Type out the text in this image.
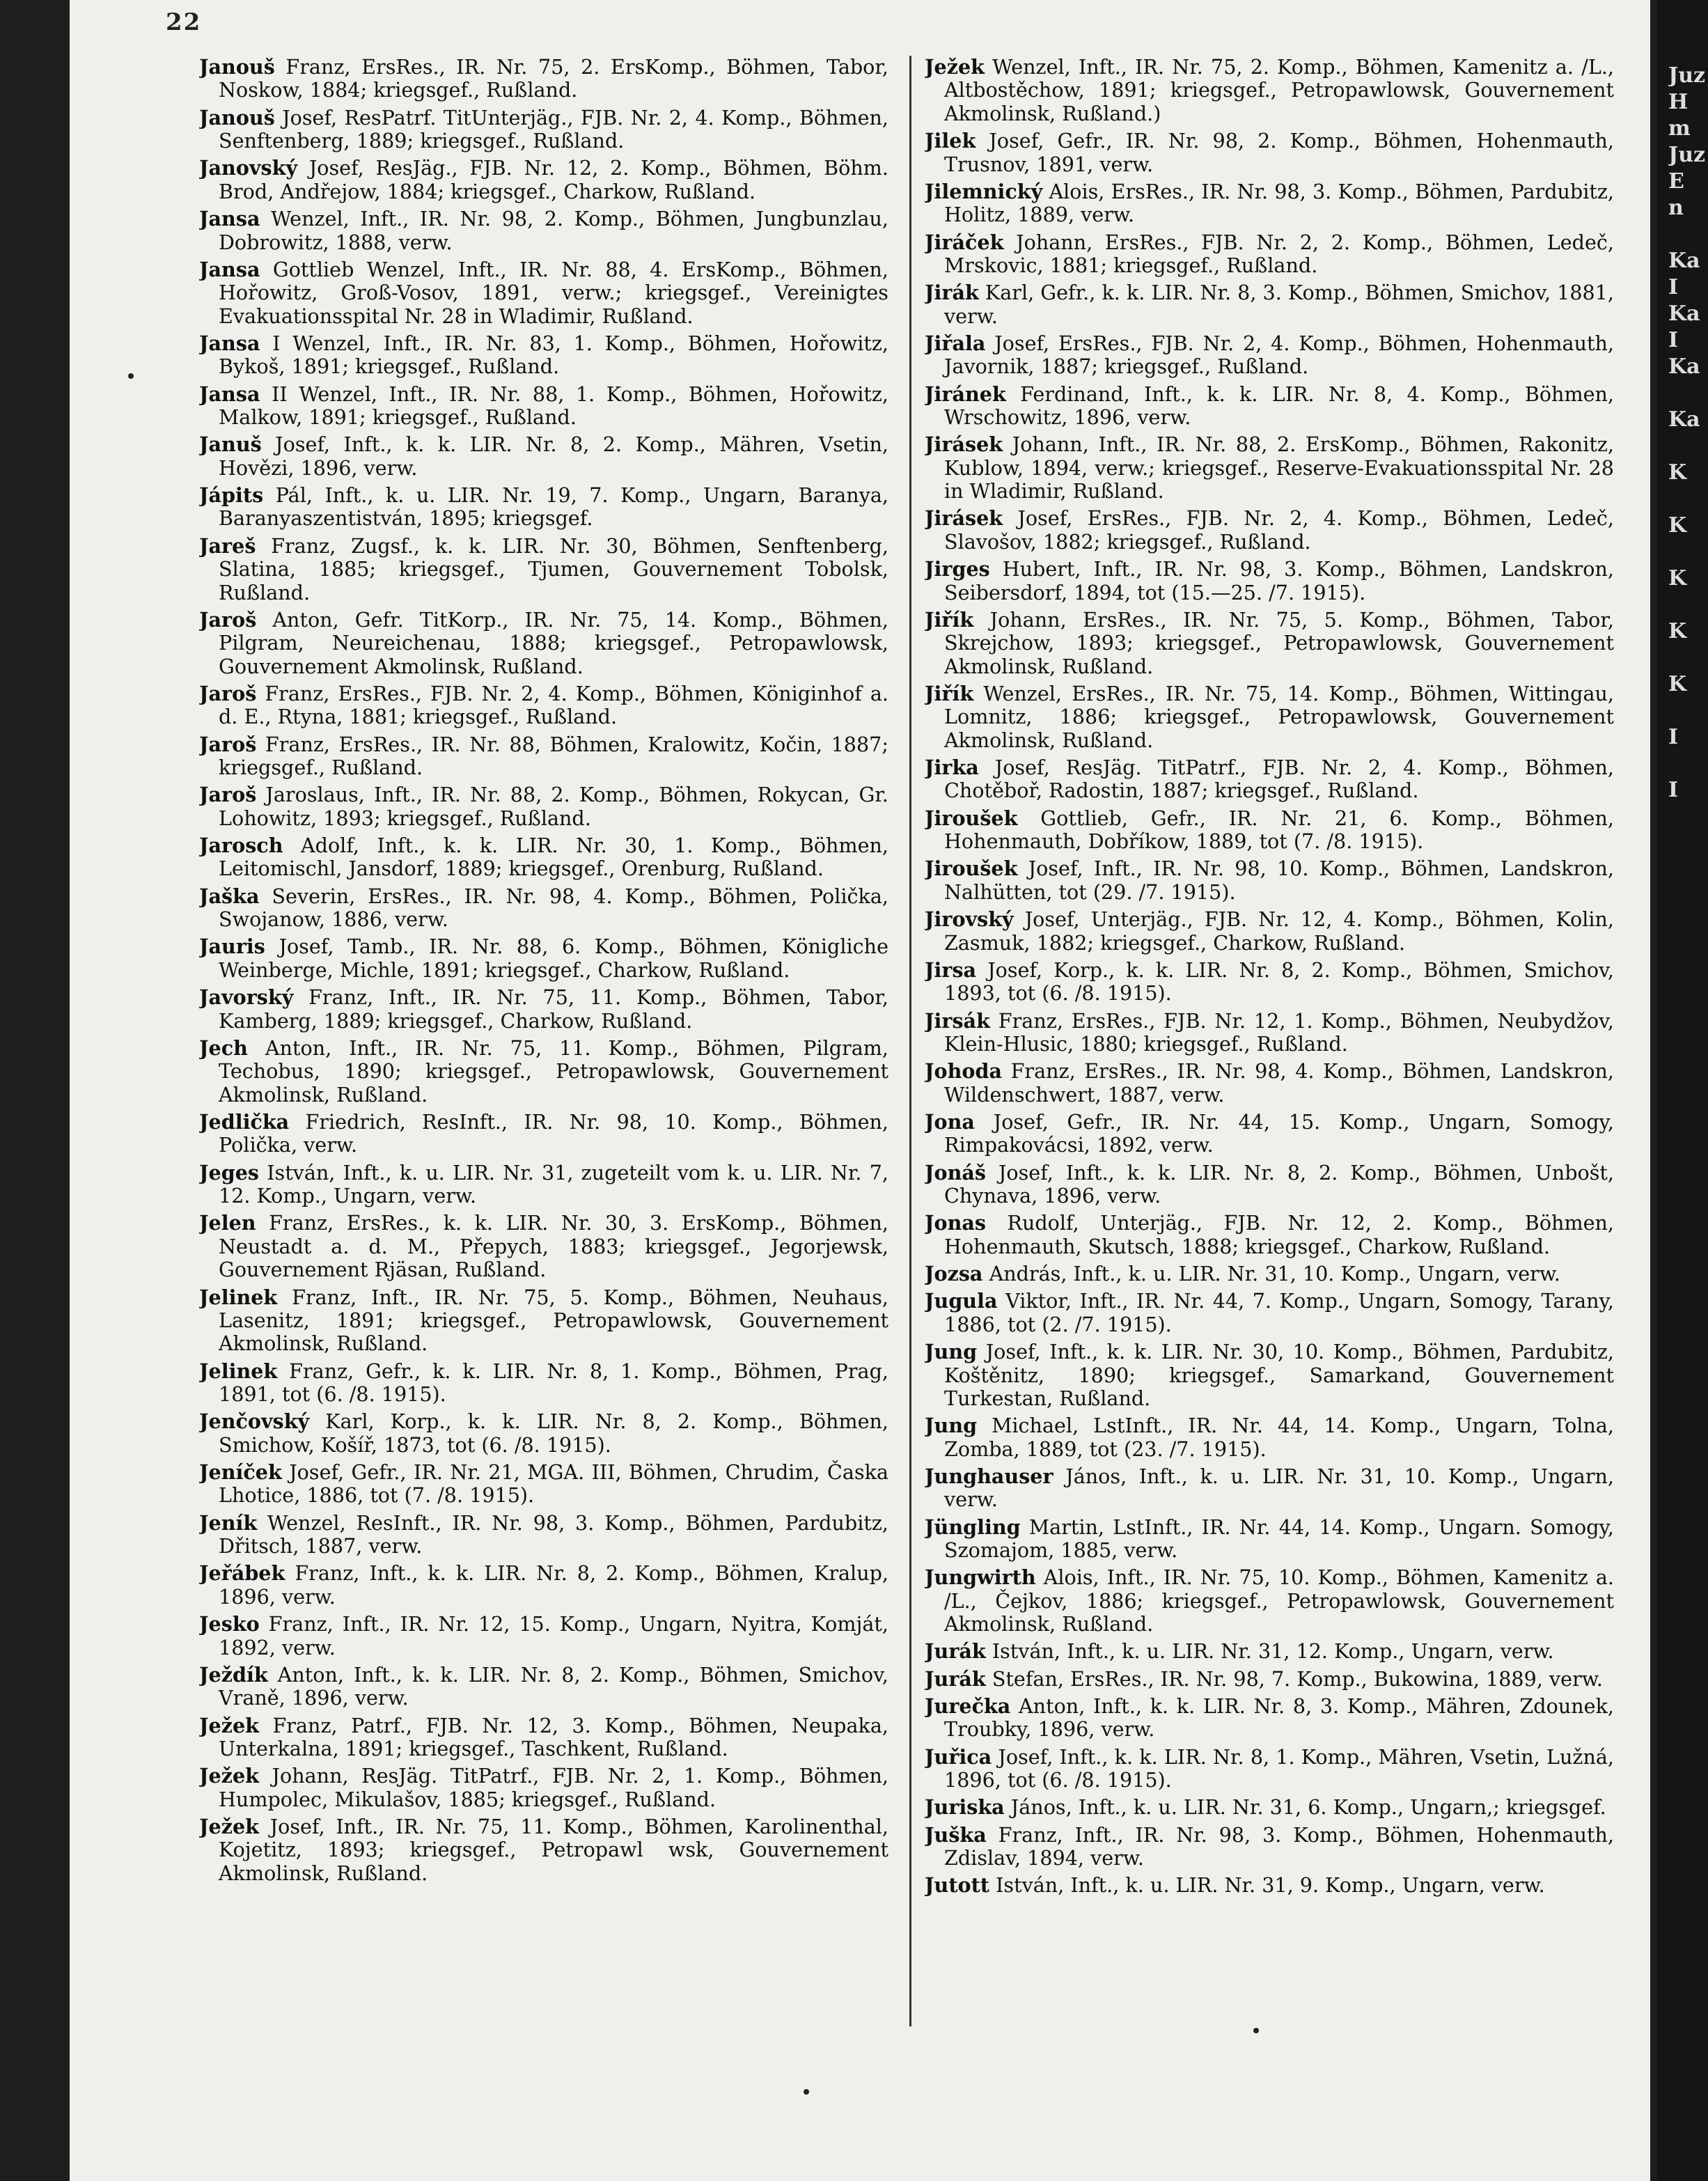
22

Janouš Franz, ErsRes., IR. Nr. 75, 2. ErsKomp., Böhmen, Tabor, Noskow, 1884; kriegsgef., Rußland.

Janouš Josef, ResPatrf. TitUnterjäg., FJB. Nr. 2, 4. Komp., Böhmen, Senftenberg, 1889; kriegsgef., Rußland.

Janovský Josef, ResJäg., FJB. Nr. 12, 2. Komp., Böhmen, Böhm. Brod, Andřejow, 1884; kriegsgef., Charkow, Rußland.

Jansa Wenzel, Inft., IR. Nr. 98, 2. Komp., Böhmen, Jungbunzlau, Dobrowitz, 1888, verw.

Jansa Gottlieb Wenzel, Inft., IR. Nr. 88, 4. ErsKomp., Böhmen, Hořowitz, Groß-Vosov, 1891, verw.; kriegsgef., Vereinigtes Evakuationsspital Nr. 28 in Wladimir, Rußland.

Jansa I Wenzel, Inft., IR. Nr. 83, 1. Komp., Böhmen, Hořowitz, Bykoš, 1891; kriegsgef., Rußland.

Jansa II Wenzel, Inft., IR. Nr. 88, 1. Komp., Böhmen, Hořowitz, Malkow, 1891; kriegsgef., Rußland.

Januš Josef, Inft., k. k. LIR. Nr. 8, 2. Komp., Mähren, Vsetin, Hovězi, 1896, verw.

Jápits Pál, Inft., k. u. LIR. Nr. 19, 7. Komp., Ungarn, Baranya, Baranyaszentistván, 1895; kriegsgef.

Jareš Franz, Zugsf., k. k. LIR. Nr. 30, Böhmen, Senftenberg, Slatina, 1885; kriegsgef., Tjumen, Gouvernement Tobolsk, Rußland.

Jaroš Anton, Gefr. TitKorp., IR. Nr. 75, 14. Komp., Böhmen, Pilgram, Neureichenau, 1888; kriegsgef., Petropawlowsk, Gouvernement Akmolinsk, Rußland.

Jaroš Franz, ErsRes., FJB. Nr. 2, 4. Komp., Böhmen, Königinhof a. d. E., Rtyna, 1881; kriegsgef., Rußland.

Jaroš Franz, ErsRes., IR. Nr. 88, Böhmen, Kralowitz, Kočin, 1887; kriegsgef., Rußland.

Jaroš Jaroslaus, Inft., IR. Nr. 88, 2. Komp., Böhmen, Rokycan, Gr. Lohowitz, 1893; kriegsgef., Rußland.

Jarosch Adolf, Inft., k. k. LIR. Nr. 30, 1. Komp., Böhmen, Leitomischl, Jansdorf, 1889; kriegsgef., Orenburg, Rußland.

Jaška Severin, ErsRes., IR. Nr. 98, 4. Komp., Böhmen, Polička, Swojanow, 1886, verw.

Jauris Josef, Tamb., IR. Nr. 88, 6. Komp., Böhmen, Königliche Weinberge, Michle, 1891; kriegsgef., Charkow, Rußland.

Javorský Franz, Inft., IR. Nr. 75, 11. Komp., Böhmen, Tabor, Kamberg, 1889; kriegsgef., Charkow, Rußland.

Jech Anton, Inft., IR. Nr. 75, 11. Komp., Böhmen, Pilgram, Techobus, 1890; kriegsgef., Petropawlowsk, Gouvernement Akmolinsk, Rußland.

Jedlička Friedrich, ResInft., IR. Nr. 98, 10. Komp., Böhmen, Polička, verw.

Jeges István, Inft., k. u. LIR. Nr. 31, zugeteilt vom k. u. LIR. Nr. 7, 12. Komp., Ungarn, verw.

Jelen Franz, ErsRes., k. k. LIR. Nr. 30, 3. ErsKomp., Böhmen, Neustadt a. d. M., Přepych, 1883; kriegsgef., Jegorjewsk, Gouvernement Rjäsan, Rußland.

Jelinek Franz, Inft., IR. Nr. 75, 5. Komp., Böhmen, Neuhaus, Lasenitz, 1891; kriegsgef., Petropawlowsk, Gouvernement Akmolinsk, Rußland.

Jelinek Franz, Gefr., k. k. LIR. Nr. 8, 1. Komp., Böhmen, Prag, 1891, tot (6. /8. 1915).

Jenčovský Karl, Korp., k. k. LIR. Nr. 8, 2. Komp., Böhmen, Smichow, Košíř, 1873, tot (6. /8. 1915).

Jeníček Josef, Gefr., IR. Nr. 21, MGA. III, Böhmen, Chrudim, Časka Lhotice, 1886, tot (7. /8. 1915).

Jeník Wenzel, ResInft., IR. Nr. 98, 3. Komp., Böhmen, Pardubitz, Dřitsch, 1887, verw.

Jeřábek Franz, Inft., k. k. LIR. Nr. 8, 2. Komp., Böhmen, Kralup, 1896, verw.

Jesko Franz, Inft., IR. Nr. 12, 15. Komp., Ungarn, Nyitra, Komját, 1892, verw.

Ježdík Anton, Inft., k. k. LIR. Nr. 8, 2. Komp., Böhmen, Smichov, Vraně, 1896, verw.

Ježek Franz, Patrf., FJB. Nr. 12, 3. Komp., Böhmen, Neupaka, Unterkalna, 1891; kriegsgef., Taschkent, Rußland.

Ježek Johann, ResJäg. TitPatrf., FJB. Nr. 2, 1. Komp., Böhmen, Humpolec, Mikulašov, 1885; kriegsgef., Rußland.

Ježek Josef, Inft., IR. Nr. 75, 11. Komp., Böhmen, Karolinenthal, Kojetitz, 1893; kriegsgef., Petropawl wsk, Gouvernement Akmolinsk, Rußland.

Ježek Wenzel, Inft., IR. Nr. 75, 2. Komp., Böhmen, Kamenitz a. /L., Altbostěchow, 1891; kriegsgef., Petropawlowsk, Gouvernement Akmolinsk, Rußland.)

Jilek Josef, Gefr., IR. Nr. 98, 2. Komp., Böhmen, Hohenmauth, Trusnov, 1891, verw.

Jilemnický Alois, ErsRes., IR. Nr. 98, 3. Komp., Böhmen, Pardubitz, Holitz, 1889, verw.

Jiráček Johann, ErsRes., FJB. Nr. 2, 2. Komp., Böhmen, Ledeč, Mrskovic, 1881; kriegsgef., Rußland.

Jirák Karl, Gefr., k. k. LIR. Nr. 8, 3. Komp., Böhmen, Smichov, 1881, verw.

Jiřala Josef, ErsRes., FJB. Nr. 2, 4. Komp., Böhmen, Hohenmauth, Javornik, 1887; kriegsgef., Rußland.

Jiránek Ferdinand, Inft., k. k. LIR. Nr. 8, 4. Komp., Böhmen, Wrschowitz, 1896, verw.

Jirásek Johann, Inft., IR. Nr. 88, 2. ErsKomp., Böhmen, Rakonitz, Kublow, 1894, verw.; kriegsgef., Reserve-Evakuationsspital Nr. 28 in Wladimir, Rußland.

Jirásek Josef, ErsRes., FJB. Nr. 2, 4. Komp., Böhmen, Ledeč, Slavošov, 1882; kriegsgef., Rußland.

Jirges Hubert, Inft., IR. Nr. 98, 3. Komp., Böhmen, Landskron, Seibersdorf, 1894, tot (15.—25. /7. 1915).

Jiřík Johann, ErsRes., IR. Nr. 75, 5. Komp., Böhmen, Tabor, Skrejchow, 1893; kriegsgef., Petropawlowsk, Gouvernement Akmolinsk, Rußland.

Jiřík Wenzel, ErsRes., IR. Nr. 75, 14. Komp., Böhmen, Wittingau, Lomnitz, 1886; kriegsgef., Petropawlowsk, Gouvernement Akmolinsk, Rußland.

Jirka Josef, ResJäg. TitPatrf., FJB. Nr. 2, 4. Komp., Böhmen, Chotěboř, Radostin, 1887; kriegsgef., Rußland.

Jiroušek Gottlieb, Gefr., IR. Nr. 21, 6. Komp., Böhmen, Hohenmauth, Dobříkow, 1889, tot (7. /8. 1915).

Jiroušek Josef, Inft., IR. Nr. 98, 10. Komp., Böhmen, Landskron, Nalhütten, tot (29. /7. 1915).

Jirovský Josef, Unterjäg., FJB. Nr. 12, 4. Komp., Böhmen, Kolin, Zasmuk, 1882; kriegsgef., Charkow, Rußland.

Jirsa Josef, Korp., k. k. LIR. Nr. 8, 2. Komp., Böhmen, Smichov, 1893, tot (6. /8. 1915).

Jirsák Franz, ErsRes., FJB. Nr. 12, 1. Komp., Böhmen, Neubydžov, Klein-Hlusic, 1880; kriegsgef., Rußland.

Johoda Franz, ErsRes., IR. Nr. 98, 4. Komp., Böhmen, Landskron, Wildenschwert, 1887, verw.

Jona Josef, Gefr., IR. Nr. 44, 15. Komp., Ungarn, Somogy, Rimpakovácsi, 1892, verw.

Jonáš Josef, Inft., k. k. LIR. Nr. 8, 2. Komp., Böhmen, Unbošt, Chynava, 1896, verw.

Jonas Rudolf, Unterjäg., FJB. Nr. 12, 2. Komp., Böhmen, Hohenmauth, Skutsch, 1888; kriegsgef., Charkow, Rußland.

Jozsa András, Inft., k. u. LIR. Nr. 31, 10. Komp., Ungarn, verw.

Jugula Viktor, Inft., IR. Nr. 44, 7. Komp., Ungarn, Somogy, Tarany, 1886, tot (2. /7. 1915).

Jung Josef, Inft., k. k. LIR. Nr. 30, 10. Komp., Böhmen, Pardubitz, Koštěnitz, 1890; kriegsgef., Samarkand, Gouvernement Turkestan, Rußland.

Jung Michael, LstInft., IR. Nr. 44, 14. Komp., Ungarn, Tolna, Zomba, 1889, tot (23. /7. 1915).

Junghauser János, Inft., k. u. LIR. Nr. 31, 10. Komp., Ungarn, verw.

Jüngling Martin, LstInft., IR. Nr. 44, 14. Komp., Ungarn. Somogy, Szomajom, 1885, verw.

Jungwirth Alois, Inft., IR. Nr. 75, 10. Komp., Böhmen, Kamenitz a. /L., Čejkov, 1886; kriegsgef., Petropawlowsk, Gouvernement Akmolinsk, Rußland.

Jurák István, Inft., k. u. LIR. Nr. 31, 12. Komp., Ungarn, verw.

Jurák Stefan, ErsRes., IR. Nr. 98, 7. Komp., Bukowina, 1889, verw.

Jurečka Anton, Inft., k. k. LIR. Nr. 8, 3. Komp., Mähren, Zdounek, Troubky, 1896, verw.

Juřica Josef, Inft., k. k. LIR. Nr. 8, 1. Komp., Mähren, Vsetin, Lužná, 1896, tot (6. /8. 1915).

Juriska János, Inft., k. u. LIR. Nr. 31, 6. Komp., Ungarn,; kriegsgef.

Juška Franz, Inft., IR. Nr. 98, 3. Komp., Böhmen, Hohenmauth, Zdislav, 1894, verw.

Jutott István, Inft., k. u. LIR. Nr. 31, 9. Komp., Ungarn, verw.

Juz
H
m
Juz
E
n

Ka
I
Ka
I
Ka

Ka

K

K

K

K

K

I

I
